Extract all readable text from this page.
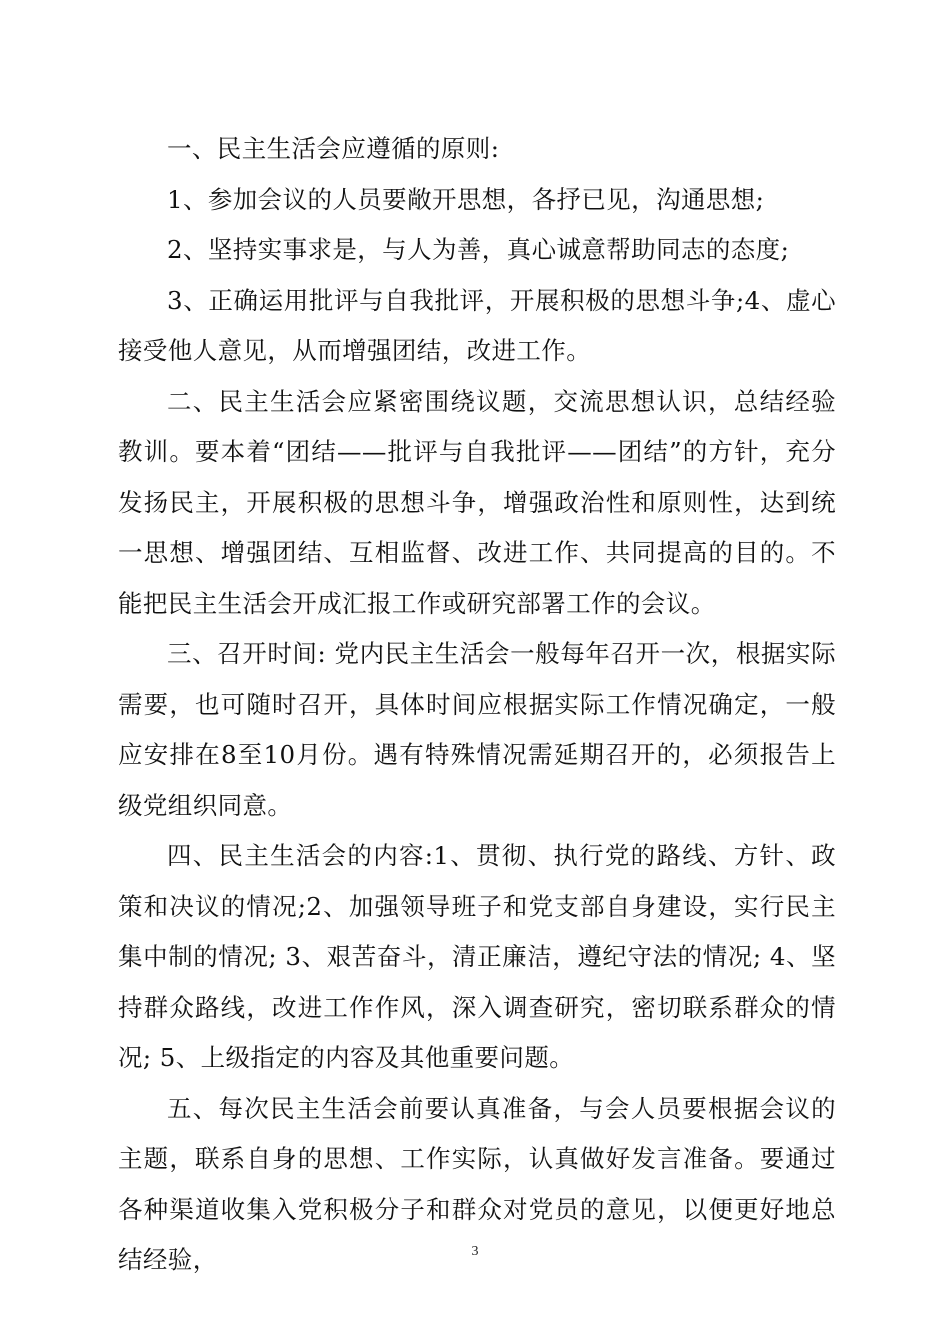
一、民主生活会应遵循的原则:

1、参加会议的人员要敞开思想，各抒已见，沟通思想;

2、坚持实事求是，与人为善，真心诚意帮助同志的态度;

3、正确运用批评与自我批评，开展积极的思想斗争;4、虚心接受他人意见，从而增强团结，改进工作。

二、民主生活会应紧密围绕议题，交流思想认识，总结经验教训。要本着“团结——批评与自我批评——团结”的方针，充分发扬民主，开展积极的思想斗争，增强政治性和原则性，达到统一思想、增强团结、互相监督、改进工作、共同提高的目的。不能把民主生活会开成汇报工作或研究部署工作的会议。

三、召开时间: 党内民主生活会一般每年召开一次，根据实际需要，也可随时召开，具体时间应根据实际工作情况确定，一般应安排在8至10月份。遇有特殊情况需延期召开的，必须报告上级党组织同意。

四、民主生活会的内容:1、贯彻、执行党的路线、方针、政策和决议的情况;2、加强领导班子和党支部自身建设，实行民主集中制的情况; 3、艰苦奋斗，清正廉洁，遵纪守法的情况; 4、坚持群众路线，改进工作作风，深入调查研究，密切联系群众的情况; 5、上级指定的内容及其他重要问题。

五、每次民主生活会前要认真准备，与会人员要根据会议的主题，联系自身的思想、工作实际，认真做好发言准备。要通过各种渠道收集入党积极分子和群众对党员的意见，以便更好地总结经验，	3
